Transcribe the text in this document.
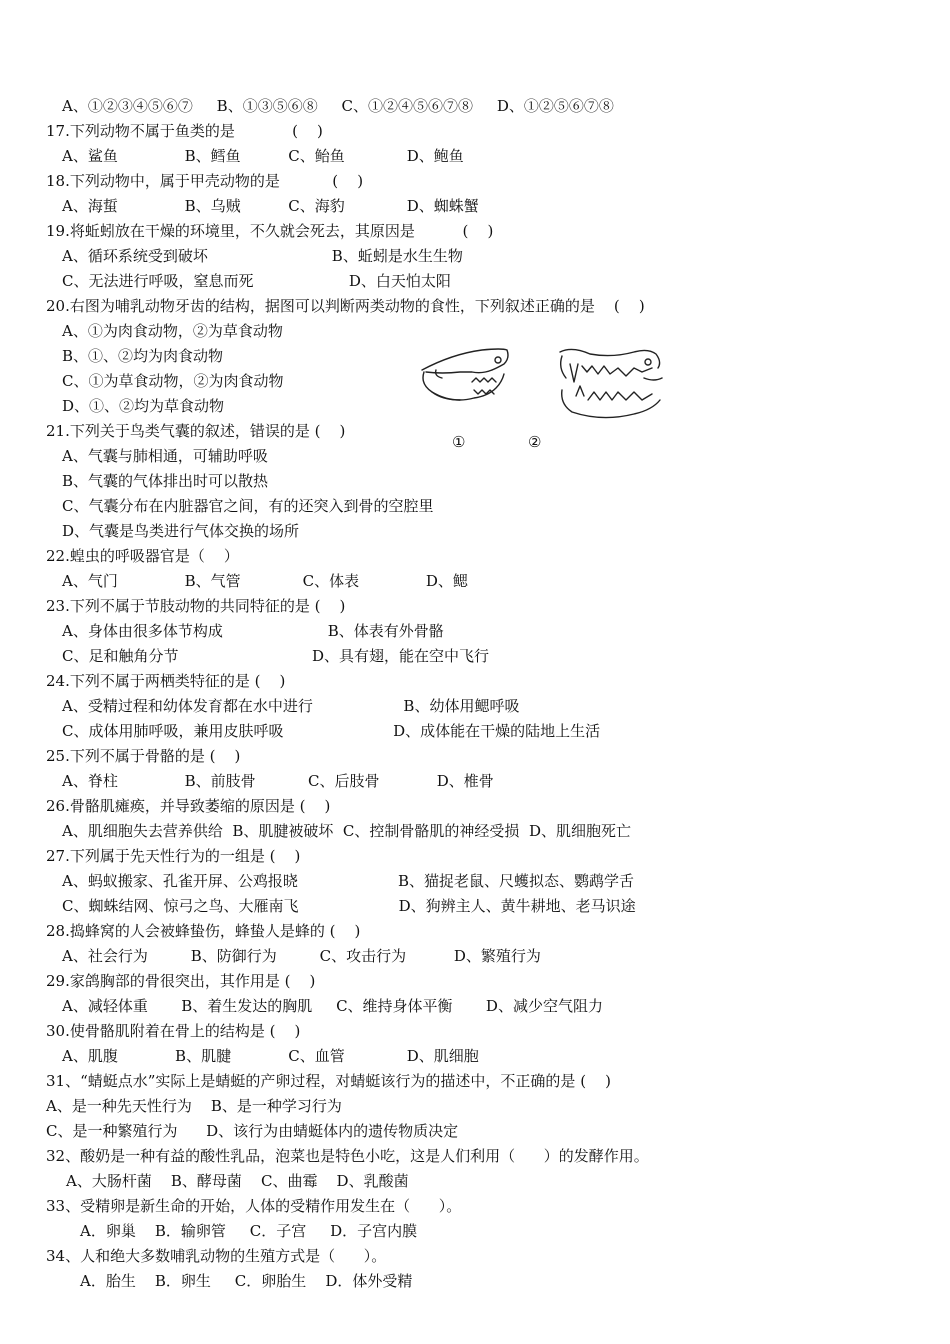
A、①②③④⑤⑥⑦     B、①③⑤⑥⑧     C、①②④⑤⑥⑦⑧     D、①②⑤⑥⑦⑧
17.下列动物不属于鱼类的是            (    )
A、鲨鱼              B、鳕鱼          C、鲐鱼             D、鲍鱼
18.下列动物中，属于甲壳动物的是           (    )
A、海蜇              B、乌贼          C、海豹             D、蜘蛛蟹
19.将蚯蚓放在干燥的环境里，不久就会死去，其原因是          (    )
A、循环系统受到破坏                          B、蚯蚓是水生生物
C、无法进行呼吸，窒息而死                    D、白天怕太阳
20.右图为哺乳动物牙齿的结构，据图可以判断两类动物的食性，下列叙述正确的是    (    )
A、①为肉食动物，②为草食动物
B、①、②均为肉食动物
C、①为草食动物，②为肉食动物
D、①、②均为草食动物
21.下列关于鸟类气囊的叙述，错误的是 (    )
A、气囊与肺相通，可辅助呼吸
B、气囊的气体排出时可以散热
C、气囊分布在内脏器官之间，有的还突入到骨的空腔里
D、气囊是鸟类进行气体交换的场所
22.蝗虫的呼吸器官是（    ）
A、气门              B、气管             C、体表              D、鳃
23.下列不属于节肢动物的共同特征的是 (    )
A、身体由很多体节构成                      B、体表有外骨骼
C、足和触角分节                            D、具有翅，能在空中飞行
24.下列不属于两栖类特征的是 (    )
A、受精过程和幼体发育都在水中进行                   B、幼体用鳃呼吸
C、成体用肺呼吸，兼用皮肤呼吸                       D、成体能在干燥的陆地上生活
25.下列不属于骨骼的是 (    )
A、脊柱              B、前肢骨           C、后肢骨            D、椎骨
26.骨骼肌瘫痪，并导致萎缩的原因是 (    )
A、肌细胞失去营养供给  B、肌腱被破坏  C、控制骨骼肌的神经受损  D、肌细胞死亡
27.下列属于先天性行为的一组是 (    )
A、蚂蚁搬家、孔雀开屏、公鸡报晓                     B、猫捉老鼠、尺蠖拟态、鹦鹉学舌
C、蜘蛛结网、惊弓之鸟、大雁南飞                     D、狗辨主人、黄牛耕地、老马识途
28.捣蜂窝的人会被蜂蛰伤，蜂蛰人是蜂的 (    )
A、社会行为         B、防御行为         C、攻击行为          D、繁殖行为
29.家鸽胸部的骨很突出，其作用是 (    )
A、减轻体重       B、着生发达的胸肌     C、维持身体平衡       D、减少空气阻力
30.使骨骼肌附着在骨上的结构是 (    )
A、肌腹            B、肌腱            C、血管             D、肌细胞
31、“蜻蜓点水”实际上是蜻蜓的产卵过程，对蜻蜓该行为的描述中，不正确的是 (    )
A、是一种先天性行为    B、是一种学习行为
C、是一种繁殖行为      D、该行为由蜻蜓体内的遗传物质决定
32、酸奶是一种有益的酸性乳品，泡菜也是特色小吃，这是人们利用（      ）的发酵作用。
A、大肠杆菌    B、酵母菌    C、曲霉    D、乳酸菌
33、受精卵是新生命的开始，人体的受精作用发生在（      ）。
A．卵巢    B．输卵管     C．子宫     D．子宫内膜
34、人和绝大多数哺乳动物的生殖方式是（      ）。
A．胎生    B．卵生     C．卵胎生    D．体外受精
①	②
